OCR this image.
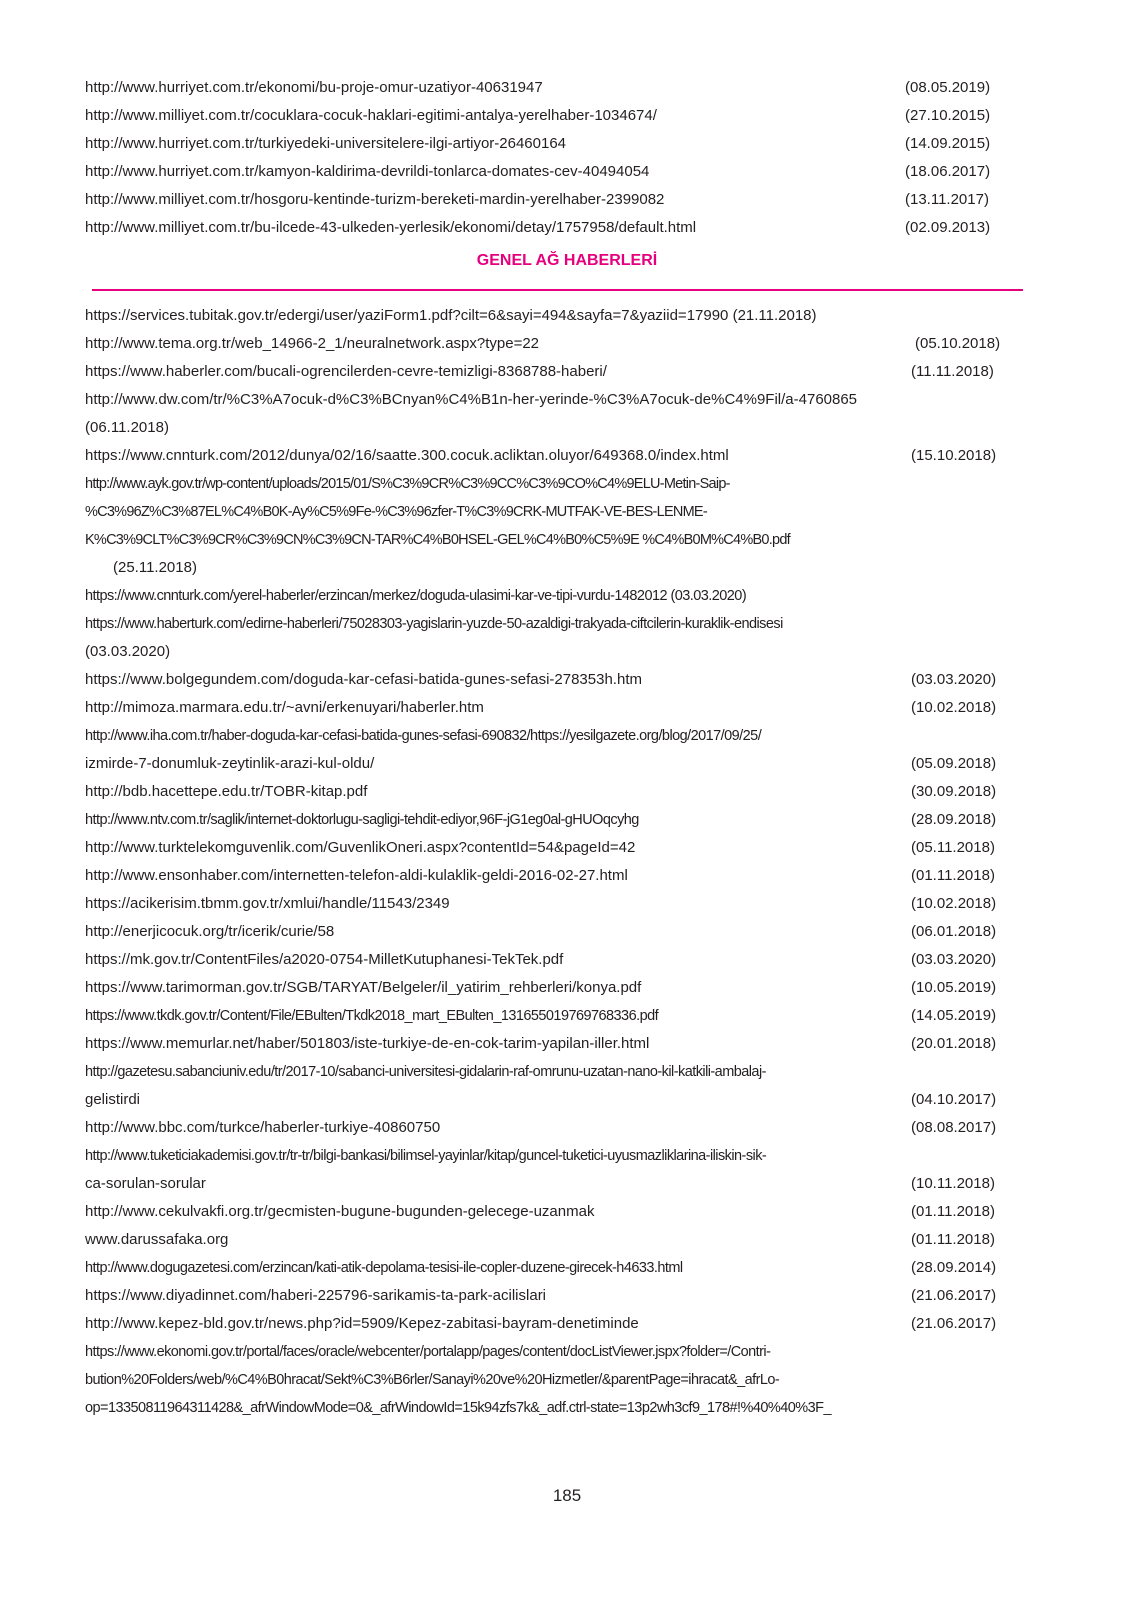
http://www.hurriyet.com.tr/ekonomi/bu-proje-omur-uzatiyor-40631947	(08.05.2019)
http://www.milliyet.com.tr/cocuklara-cocuk-haklari-egitimi-antalya-yerelhaber-1034674/	(27.10.2015)
http://www.hurriyet.com.tr/turkiyedeki-universitelere-ilgi-artiyor-26460164	(14.09.2015)
http://www.hurriyet.com.tr/kamyon-kaldirima-devrildi-tonlarca-domates-cev-40494054	(18.06.2017)
http://www.milliyet.com.tr/hosgoru-kentinde-turizm-bereketi-mardin-yerelhaber-2399082	(13.11.2017)
http://www.milliyet.com.tr/bu-ilcede-43-ulkeden-yerlesik/ekonomi/detay/1757958/default.html	(02.09.2013)
GENEL AĞ HABERLERİ
https://services.tubitak.gov.tr/edergi/user/yaziForm1.pdf?cilt=6&sayi=494&sayfa=7&yaziid=17990 (21.11.2018)
http://www.tema.org.tr/web_14966-2_1/neuralnetwork.aspx?type=22	(05.10.2018)
https://www.haberler.com/bucali-ogrencilerden-cevre-temizligi-8368788-haberi/	(11.11.2018)
http://www.dw.com/tr/%C3%A7ocuk-d%C3%BCnyan%C4%B1n-her-yerinde-%C3%A7ocuk-de%C4%9Fil/a-4760865
(06.11.2018)
https://www.cnnturk.com/2012/dunya/02/16/saatte.300.cocuk.acliktan.oluyor/649368.0/index.html	(15.10.2018)
http://www.ayk.gov.tr/wp-content/uploads/2015/01/S%C3%9CR%C3%9CC%C3%9CO%C4%9ELU-Metin-Saip-
%C3%96Z%C3%87EL%C4%B0K-Ay%C5%9Fe-%C3%96zfer-T%C3%9CRK-MUTFAK-VE-BES-LENME-
K%C3%9CLT%C3%9CR%C3%9CN%C3%9CN-TAR%C4%B0HSEL-GEL%C4%B0%C5%9E %C4%B0M%C4%B0.pdf
(25.11.2018)
https://www.cnnturk.com/yerel-haberler/erzincan/merkez/doguda-ulasimi-kar-ve-tipi-vurdu-1482012 (03.03.2020)
https://www.haberturk.com/edirne-haberleri/75028303-yagislarin-yuzde-50-azaldigi-trakyada-ciftcilerin-kuraklik-endisesi
(03.03.2020)
https://www.bolgegundem.com/doguda-kar-cefasi-batida-gunes-sefasi-278353h.htm	(03.03.2020)
http://mimoza.marmara.edu.tr/~avni/erkenuyari/haberler.htm	(10.02.2018)
http://www.iha.com.tr/haber-doguda-kar-cefasi-batida-gunes-sefasi-690832/https://yesilgazete.org/blog/2017/09/25/
izmirde-7-donumluk-zeytinlik-arazi-kul-oldu/	(05.09.2018)
http://bdb.hacettepe.edu.tr/TOBR-kitap.pdf	(30.09.2018)
http://www.ntv.com.tr/saglik/internet-doktorlugu-sagligi-tehdit-ediyor,96F-jG1eg0al-gHUOqcyhg	(28.09.2018)
http://www.turktelekomguvenlik.com/GuvenlikOneri.aspx?contentId=54&pageId=42	(05.11.2018)
http://www.ensonhaber.com/internetten-telefon-aldi-kulaklik-geldi-2016-02-27.html	(01.11.2018)
https://acikerisim.tbmm.gov.tr/xmlui/handle/11543/2349	(10.02.2018)
http://enerjicocuk.org/tr/icerik/curie/58	(06.01.2018)
https://mk.gov.tr/ContentFiles/a2020-0754-MilletKutuphanesi-TekTek.pdf	(03.03.2020)
https://www.tarimorman.gov.tr/SGB/TARYAT/Belgeler/il_yatirim_rehberleri/konya.pdf	(10.05.2019)
https://www.tkdk.gov.tr/Content/File/EBulten/Tkdk2018_mart_EBulten_131655019769768336.pdf	(14.05.2019)
https://www.memurlar.net/haber/501803/iste-turkiye-de-en-cok-tarim-yapilan-iller.html	(20.01.2018)
http://gazetesu.sabanciuniv.edu/tr/2017-10/sabanci-universitesi-gidalarin-raf-omrunu-uzatan-nano-kil-katkili-ambalaj-
gelistirdi	(04.10.2017)
http://www.bbc.com/turkce/haberler-turkiye-40860750	(08.08.2017)
http://www.tuketiciakademisi.gov.tr/tr-tr/bilgi-bankasi/bilimsel-yayinlar/kitap/guncel-tuketici-uyusmazliklarina-iliskin-sik-
ca-sorulan-sorular	(10.11.2018)
http://www.cekulvakfi.org.tr/gecmisten-bugune-bugunden-gelecege-uzanmak	(01.11.2018)
www.darussafaka.org	(01.11.2018)
http://www.dogugazetesi.com/erzincan/kati-atik-depolama-tesisi-ile-copler-duzene-girecek-h4633.html	(28.09.2014)
https://www.diyadinnet.com/haberi-225796-sarikamis-ta-park-acilislari	(21.06.2017)
http://www.kepez-bld.gov.tr/news.php?id=5909/Kepez-zabitasi-bayram-denetiminde	(21.06.2017)
https://www.ekonomi.gov.tr/portal/faces/oracle/webcenter/portalapp/pages/content/docListViewer.jspx?folder=/Contri-
bution%20Folders/web/%C4%B0hracat/Sekt%C3%B6rler/Sanayi%20ve%20Hizmetler/&parentPage=ihracat&_afrLo-
op=13350811964311428&_afrWindowMode=0&_afrWindowId=15k94zfs7k&_adf.ctrl-state=13p2wh3cf9_178#!%40%40%3F_
185
